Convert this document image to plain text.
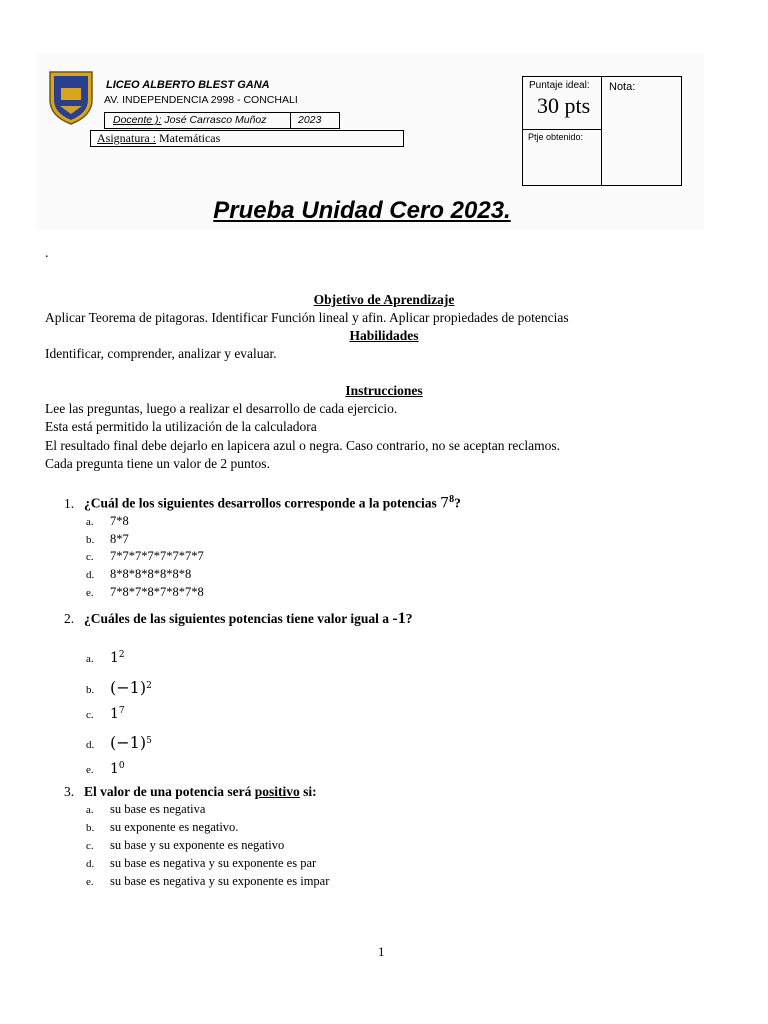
LICEO ALBERTO BLEST GANA
AV. INDEPENDENCIA 2998 - CONCHALI
Docente ): José Carrasco Muñoz	2023
Asignatura : Matemáticas
Puntaje ideal:
30 pts
Nota:
Ptje obtenido:
Prueba Unidad Cero 2023.
.
Objetivo de Aprendizaje
Aplicar Teorema de pitagoras. Identificar Función lineal y afin. Aplicar propiedades de potencias
Habilidades
Identificar, comprender, analizar y evaluar.
Instrucciones
Lee las preguntas, luego a realizar el desarrollo de cada ejercicio.
Esta está permitido la utilización de la calculadora
El resultado final debe dejarlo en lapicera azul o negra. Caso contrario, no se aceptan reclamos.
Cada pregunta tiene un valor de 2 puntos.
1. ¿Cuál de los siguientes desarrollos corresponde a la potencias $7^8$?
a. 7*8
b. 8*7
c. 7*7*7*7*7*7*7*7
d. 8*8*8*8*8*8*8
e. 7*8*7*8*7*8*7*8
2. ¿Cuáles de las siguientes potencias tiene valor igual a -1?
a. $1^2$
b. $(-1)^2$
c. $1^7$
d. $(-1)^5$
e. $1^0$
3. El valor de una potencia será positivo si:
a. su base es negativa
b. su exponente es negativo.
c. su base y su exponente es negativo
d. su base es negativa y su exponente es par
e. su base es negativa y su exponente es impar
1
